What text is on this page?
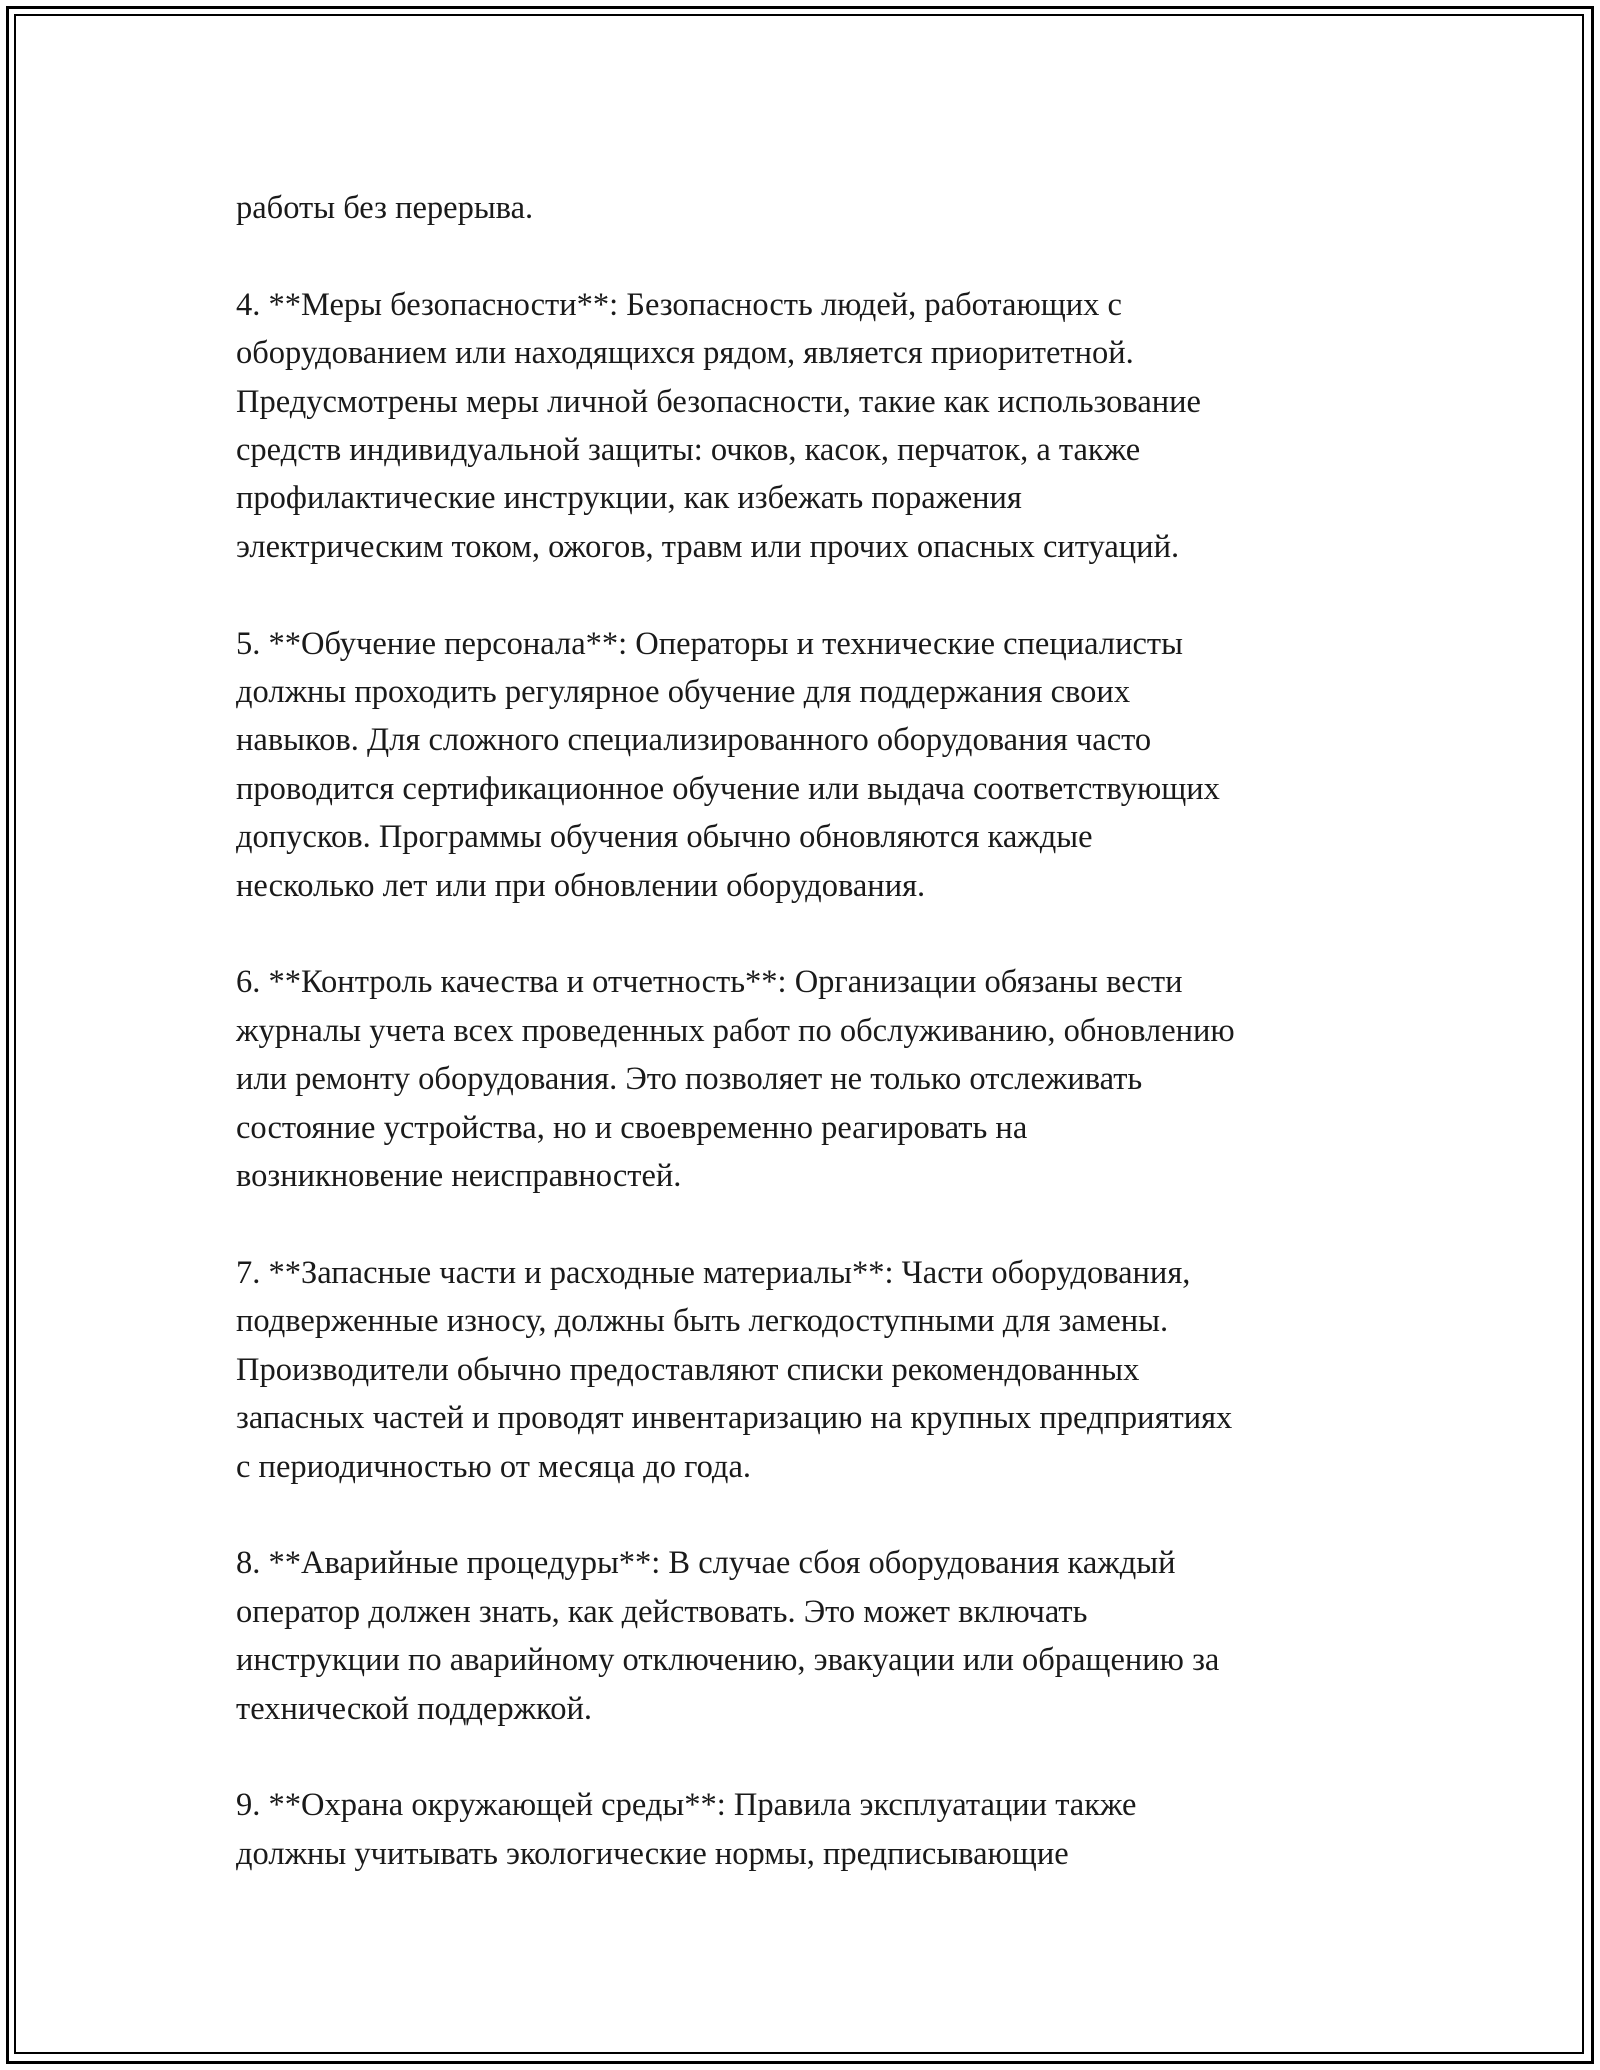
работы без перерыва.

4. **Меры безопасности**: Безопасность людей, работающих с
оборудованием или находящихся рядом, является приоритетной.
Предусмотрены меры личной безопасности, такие как использование
средств индивидуальной защиты: очков, касок, перчаток, а также
профилактические инструкции, как избежать поражения
электрическим током, ожогов, травм или прочих опасных ситуаций.

5. **Обучение персонала**: Операторы и технические специалисты
должны проходить регулярное обучение для поддержания своих
навыков. Для сложного специализированного оборудования часто
проводится сертификационное обучение или выдача соответствующих
допусков. Программы обучения обычно обновляются каждые
несколько лет или при обновлении оборудования.

6. **Контроль качества и отчетность**: Организации обязаны вести
журналы учета всех проведенных работ по обслуживанию, обновлению
или ремонту оборудования. Это позволяет не только отслеживать
состояние устройства, но и своевременно реагировать на
возникновение неисправностей.

7. **Запасные части и расходные материалы**: Части оборудования,
подверженные износу, должны быть легкодоступными для замены.
Производители обычно предоставляют списки рекомендованных
запасных частей и проводят инвентаризацию на крупных предприятиях
с периодичностью от месяца до года.

8. **Аварийные процедуры**: В случае сбоя оборудования каждый
оператор должен знать, как действовать. Это может включать
инструкции по аварийному отключению, эвакуации или обращению за
технической поддержкой.

9. **Охрана окружающей среды**: Правила эксплуатации также
должны учитывать экологические нормы, предписывающие
